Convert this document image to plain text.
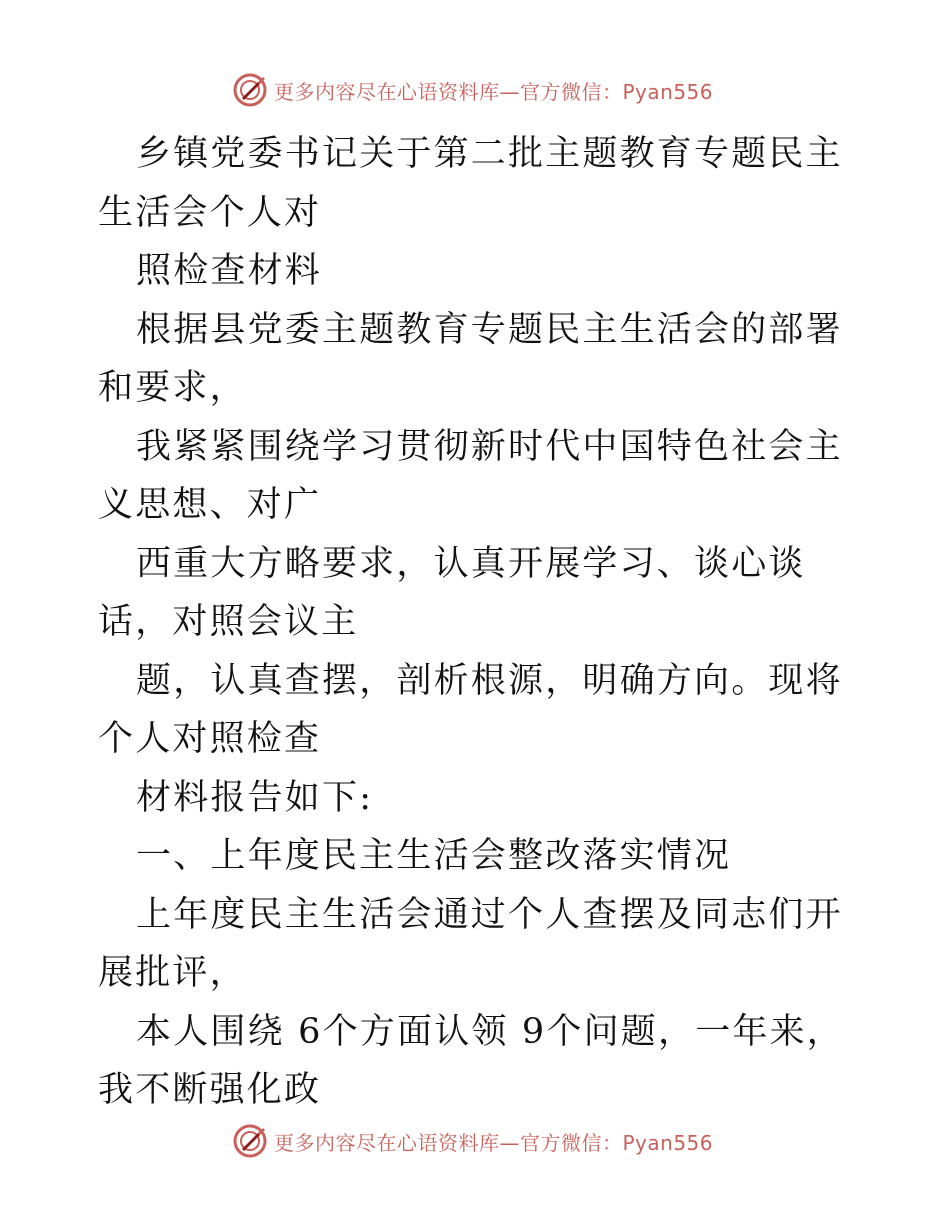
更多内容尽在心语资料库—官方微信：Pyan556

乡镇党委书记关于第二批主题教育专题民主生活会个人对

照检查材料

根据县党委主题教育专题民主生活会的部署和要求，

我紧紧围绕学习贯彻新时代中国特色社会主义思想、对广

西重大方略要求，认真开展学习、谈心谈话，对照会议主

题，认真查摆，剖析根源，明确方向。现将个人对照检查

材料报告如下:

一、上年度民主生活会整改落实情况

上年度民主生活会通过个人查摆及同志们开展批评，

本人围绕 6个方面认领 9个问题，一年来，我不断强化政

更多内容尽在心语资料库—官方微信：Pyan556
